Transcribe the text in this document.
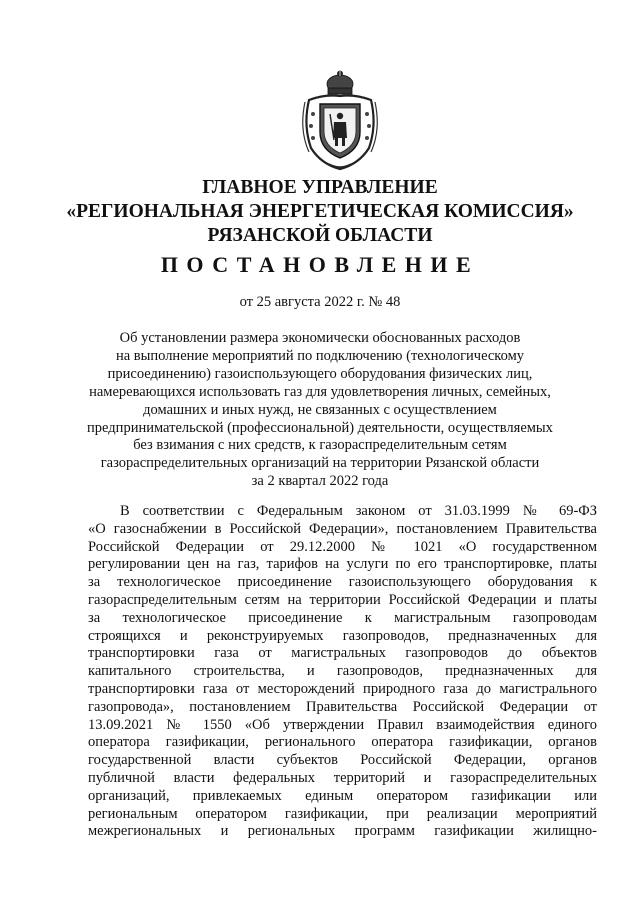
ГЛАВНОЕ УПРАВЛЕНИЕ
«РЕГИОНАЛЬНАЯ ЭНЕРГЕТИЧЕСКАЯ КОМИССИЯ»
РЯЗАНСКОЙ ОБЛАСТИ
ПОСТАНОВЛЕНИЕ
от 25 августа 2022 г. № 48
Об установлении размера экономически обоснованных расходов
на выполнение мероприятий по подключению (технологическому
присоединению) газоиспользующего оборудования физических лиц,
намеревающихся использовать газ для удовлетворения личных, семейных,
домашних и иных нужд, не связанных с осуществлением
предпринимательской (профессиональной) деятельности, осуществляемых
без взимания с них средств, к газораспределительным сетям
газораспределительных организаций на территории Рязанской области
за 2 квартал 2022 года
В соответствии с Федеральным законом от 31.03.1999 № 69-ФЗ
«О газоснабжении в Российской Федерации», постановлением Правительства
Российской Федерации от 29.12.2000 № 1021 «О государственном
регулировании цен на газ, тарифов на услуги по его транспортировке, платы
за технологическое присоединение газоиспользующего оборудования к
газораспределительным сетям на территории Российской Федерации и платы
за технологическое присоединение к магистральным газопроводам
строящихся и реконструируемых газопроводов, предназначенных для
транспортировки газа от магистральных газопроводов до объектов
капитального строительства, и газопроводов, предназначенных для
транспортировки газа от месторождений природного газа до магистрального
газопровода», постановлением Правительства Российской Федерации от
13.09.2021 № 1550 «Об утверждении Правил взаимодействия единого
оператора газификации, регионального оператора газификации, органов
государственной власти субъектов Российской Федерации, органов
публичной власти федеральных территорий и газораспределительных
организаций, привлекаемых единым оператором газификации или
региональным оператором газификации, при реализации мероприятий
межрегиональных и региональных программ газификации жилищно-
